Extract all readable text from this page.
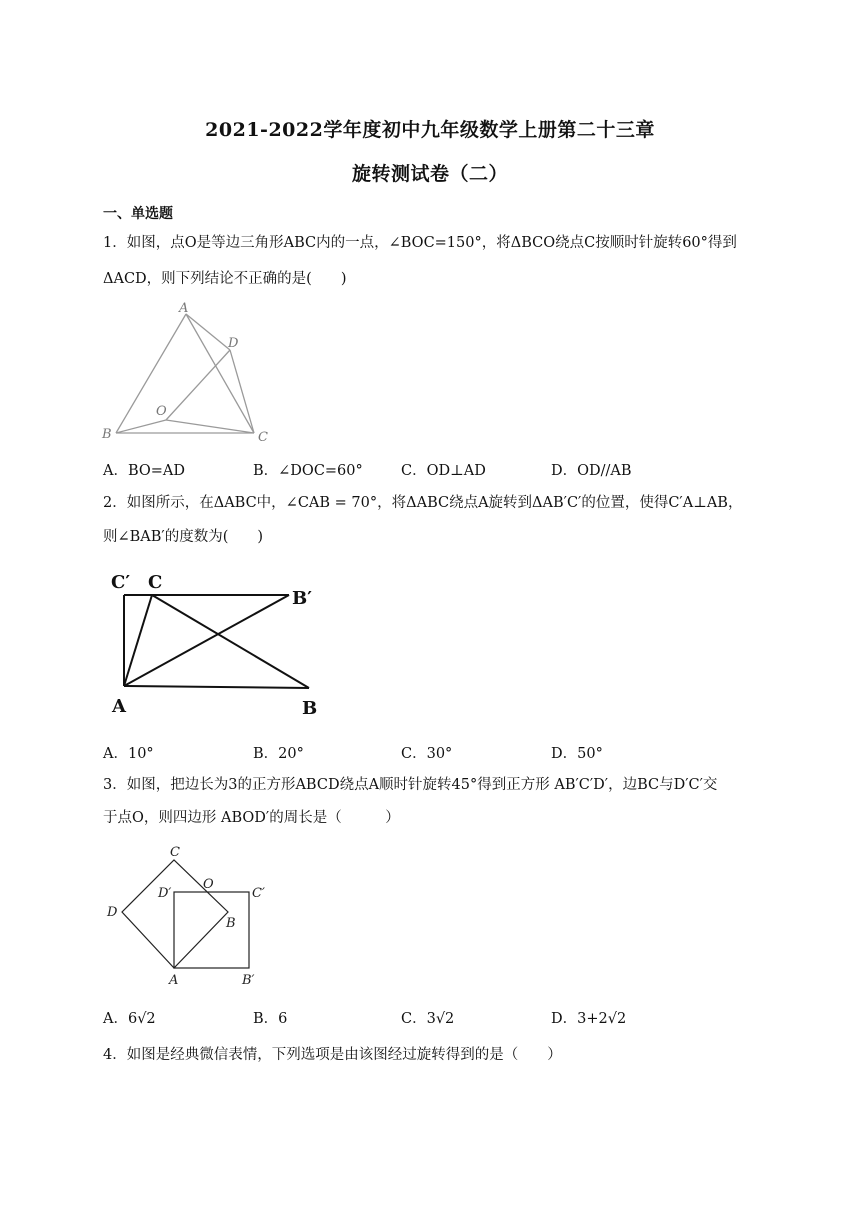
2021-2022学年度初中九年级数学上册第二十三章
旋转测试卷（二）
一、单选题
1．如图，点O是等边三角形ABC内的一点，∠BOC=150°，将ΔBCO绕点C按顺时针旋转60°得到
ΔACD，则下列结论不正确的是(　　)
A
D
O
B	C
A．BO=AD	B．∠DOC=60°	C．OD⊥AD	D．OD//AB
2．如图所示，在ΔABC中，∠CAB = 70°，将ΔABC绕点A旋转到ΔAB′C′的位置，使得C′A⊥AB，
则∠BAB′的度数为(　　)
C′ C
B′
A	B
A．10°	B．20°	C．30°	D．50°
3．如图，把边长为3的正方形ABCD绕点A顺时针旋转45°得到正方形 AB′C′D′，边BC与D′C′交
于点O，则四边形 ABOD′的周长是（　　　）
C
D′
O
C′
D
B
A	B′
A．6√2	B．6	C．3√2	D．3+2√2
4．如图是经典微信表情，下列选项是由该图经过旋转得到的是（　　）
